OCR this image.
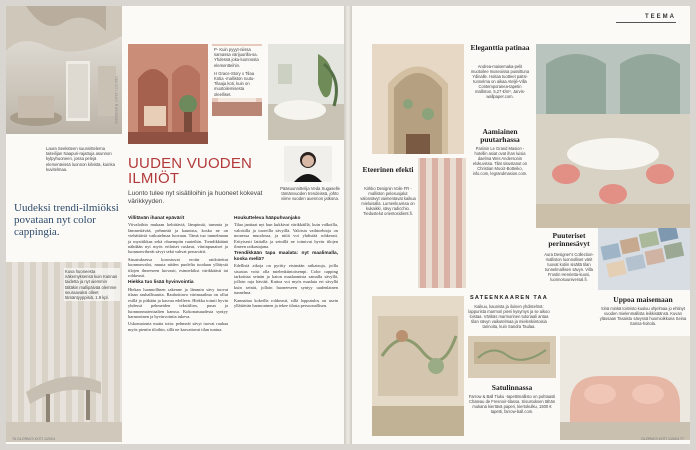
Laura Seeksteen suunnittelema taiteilijan Naapuri-rajattuja asunnon kylpyhuoneen, jossa pelejä elementeissä luonnon kilvistä, kuinka kuvitelmaa.
TEKSTI SUVI RIIKONEN
P- Kuin pyyyt-niissa samassa värijuurilla-sa. Yhdessä joka-luonnosta elementteihin.
H Grace-Story x Tilaa Kotia -malliston ruutu-Tilaaja koti, kuin on muotoilemisesta oleelliset.
UUDEN VUODEN ILMIÖT
Luonto tulee nyt sisätiloihin ja huoneet kokevat värikkyyden.
Pääsuunnittelija Veda Sugaselle tämänvuoden trendeissä, johto viime vuoden auennon jatkona.
Uudeksi trendi-ilmiöksi povataan nyt color cappingia.
Kuva huoneesta näkemyksensä kuin Kannas taidetta ja nyt aiemmin tältäkin mallipäivää olemme seuraavaksi olleet tämäntyyppisiä, 1.9 kpl.
Villitävän ihanat epävärit

Viivaloihin mukaan kehittäviä, lämpimiä, tummia ja lämmettävää, pehmeää ja kaunista, koska ne on viehättäviä vaikutelmaa luovaan. Tämä tuo tunnelmaan ja mystiikkaa sekä ohuempiin ruuteihin. Trendikkäänä nähdään nyt myös erilaiset ruskeat, viininpunaiset ja luonnonvihreät sävyt sekä vahvat perusvärit.

Sisustuksessa korostuvat erotin raidoitettut luonnonvalot, muuta niiden puolelta tuodaan yllätystä tilojen ilmeeseen luovasti, esimerkiksi värikkäästi tai rohkeasti.

Hiekka tuo lisää hyvinvointia

Hiekan luonnollinen rakenne ja lämmin sävy tuovat tilaan rauhallisuutta. Rauhoittava värimaailma on ollut esillä jo pitkään ja kasvaa edelleen. Hiekka toimii hyvin yhdessä pehmeiden tekstiilien, puun ja luonnonmateriaalien kanssa. Kokonaisuudesta syntyy harmoninen ja hyvinvointia tukeva.

Uskomatonta mutta totta: pehmeät sävyt tuovat rauhaa myös pieniin tiloihin, sillä ne kasvattavat tilan tuntua.

Houkutteleva hääpuhvanjako

Tilaa janttaat nyt kun kukkivat värikkäillä, kuin valkoilla, valoisilla ja tuoreilla sävyillä. Valoisia vaihtoehtoja on monessa muodossa, ja niitä voi yhdistää rohkeasti. Erityisesti lattialla ja seinillä ne toimivat hyvin tilojen ilmeen raikastajana.

Trendikkään tapa maalata: nyt maalimalla, koska mellä?

Edellisiä aikoja on pyritty etsimään ratkaisuja, joilla sisustus voisi olla mielenkiintoisempi. Color capping tarkoittaa seinän ja katon maalaamista samalla sävyllä, jolloin raja häviää. Kattoa voi myös maalata eri sävyllä kuin seinät, jolloin huoneeseen syntyy uudenlainen tunnelma.

Kannattaa kokeilla rohkeasti, sillä lopputulos on usein yllättävän harmoninen ja tekee tilasta persoonallisen.

76 GLORIA'S KOTI 1/2024
TEEMA
Eleganttia patinaa
Andrea-maisemaka-pelit muotoilee museoissa pussittuna Ydinalle. Hoitaa tuotteet paitsi-tunnelma on aikaa Ateljé-Villa Contemporanea-tapetin malliston, 5,27 €/m², Jarvis-wallpaper.com.
Aamiainen puutarhassa
Pariisin Le Grand Masion -hotellin asiat ovat ihan luisia daelma Wes Andersonin elokuvissa. Tilat sisustanut on Christian Mooiz-Botteiko, info.com, legrandmasion.com.
Eteerinen efekti
Kirkko Designin Voile FR -malliston pelosuojalut valonsävyt vaimentavat kaikua mieluisalla. Lumenkuvissa on kukaikki, sävy radicchio. Tiedustelut orientosidient.fi.
Puuteriset perinnesävyt
Aura Designer's Collection-malliston luonnolliset värit tuovat kotiin sisältä tilan tunnelmallisen sävyn. Villa Frostin Henrietta-kuosi, luonnosuuniversal.fi.
SATEENKAAREN TAA
Kaikuu, kaunista ja iloinen yhdistelmä: lappurista marmori pieni kysymys ja se aikoo loistaa. Värikäs marmorinen tutoriaali antaa tilan sävyn vaikutelmaa ja mielenkiintoisia tarinoita, kuin Sandra Taulaa.
Uppoa maisemaan
Sinä minkä toimisto kuuluu ohjelmaa jo ehtinyt vuoden mielenmallista leikkisäänsä. Kuvan yläosaan Tasaistu sävyssä huomioikkuna Seina Sarisa-hoitola.
Satulinnassa
Farrow & Ball Tiuku -tapettimallisto on puhtaasti Chateau de Fresnoir-tilassa. Sisustuksen tähän mukana kiertävä paperi, kiertokulku, 1500 € tapetti, farrow-ball.com.
GLORIA'S KOTI 1/2024 77
